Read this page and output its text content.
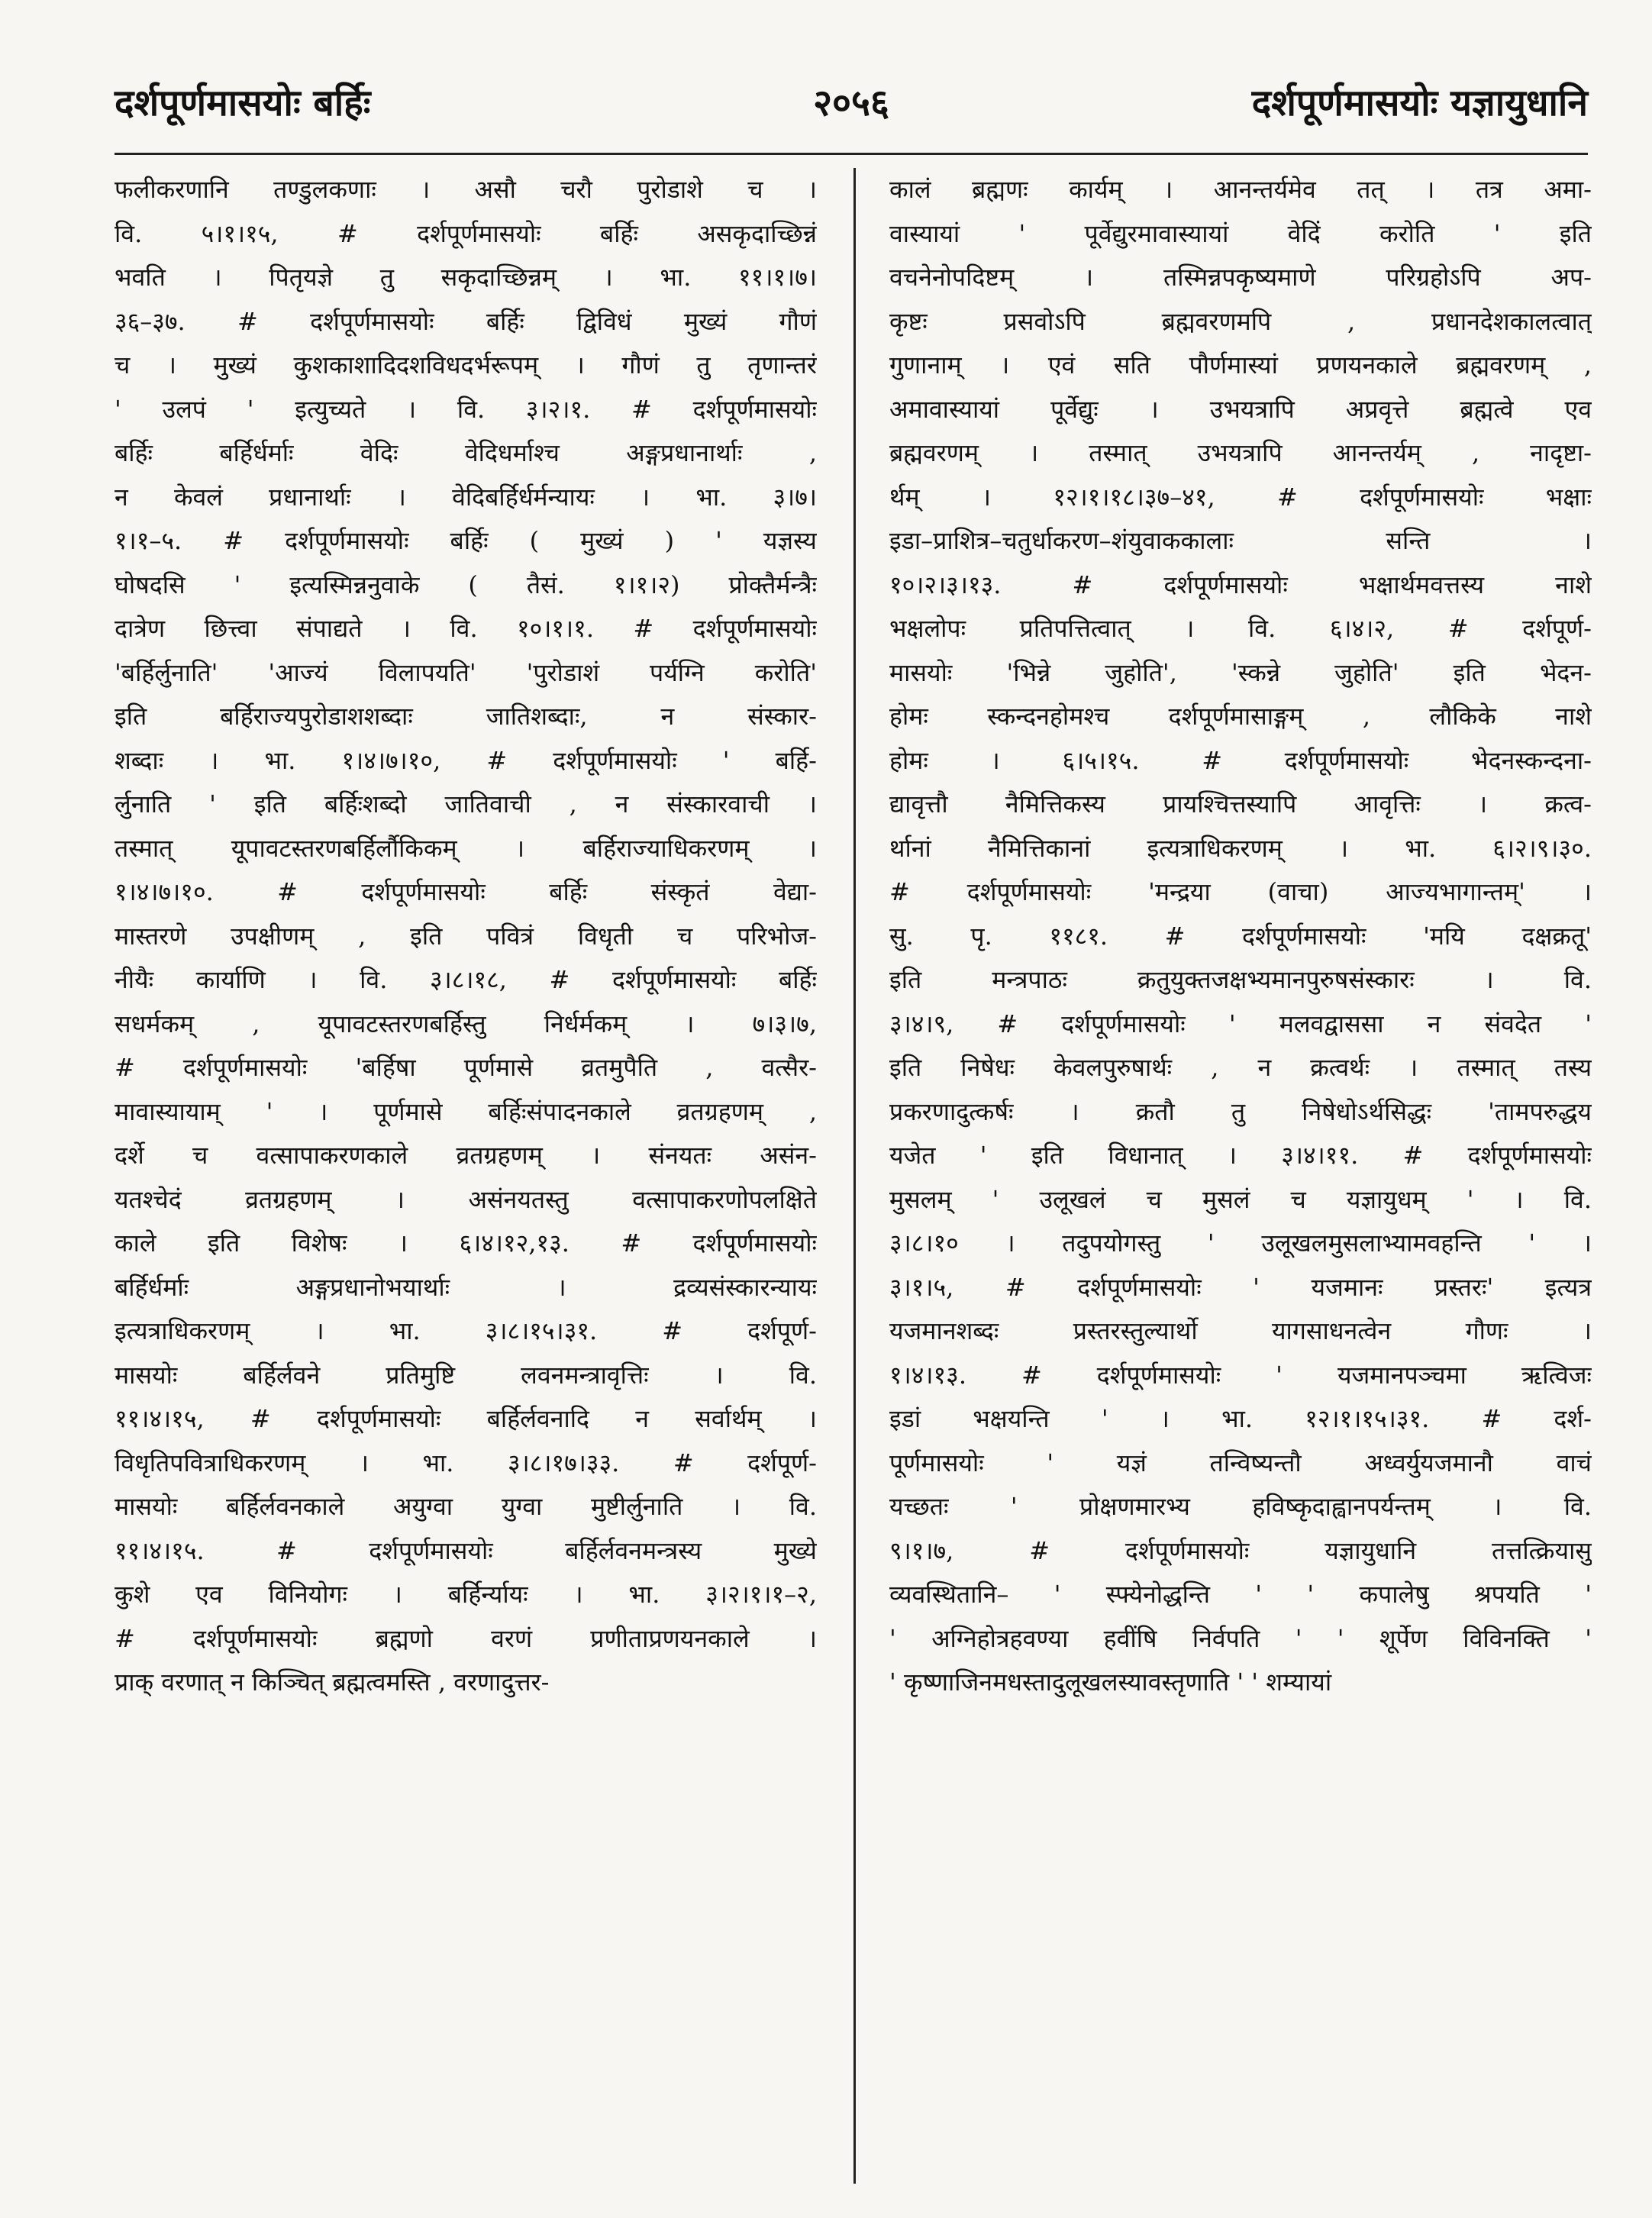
२०५६
दर्शपूर्णमासयोः बर्हिः	दर्शपूर्णमासयोः यज्ञायुधानि

फलीकरणानि तण्डुलकणाः । असौ चरौ पुरोडाशे च ।

वि. ५।१।१५, # दर्शपूर्णमासयोः बर्हिः असकृदाच्छिन्नं

भवति । पितृयज्ञे तु सकृदाच्छिन्नम् । भा. ११।१।७।

३६–३७. # दर्शपूर्णमासयोः बर्हिः द्विविधं मुख्यं गौणं

च । मुख्यं कुशकाशादिदशविधदर्भरूपम् । गौणं तु तृणान्तरं

' उलपं ' इत्युच्यते । वि. ३।२।१. # दर्शपूर्णमासयोः

बर्हिः बर्हिर्धर्माः वेदिः वेदिधर्माश्च अङ्गप्रधानार्थाः ,

न केवलं प्रधानार्थाः । वेदिबर्हिर्धर्मन्यायः । भा. ३।७।

१।१–५. # दर्शपूर्णमासयोः बर्हिः ( मुख्यं ) ' यज्ञस्य

घोषदसि ' इत्यस्मिन्ननुवाके ( तैसं. १।१।२) प्रोक्तैर्मन्त्रैः

दात्रेण छित्त्वा संपाद्यते । वि. १०।१।१. # दर्शपूर्णमासयोः

'बर्हिर्लुनाति' 'आज्यं विलापयति' 'पुरोडाशं पर्यग्नि करोति'

इति बर्हिराज्यपुरोडाशशब्दाः जातिशब्दाः, न संस्कार-

शब्दाः । भा. १।४।७।१०, # दर्शपूर्णमासयोः ' बर्हि-

र्लुनाति ' इति बर्हिःशब्दो जातिवाची , न संस्कारवाची ।

तस्मात् यूपावटस्तरणबर्हिर्लौकिकम् । बर्हिराज्याधिकरणम् ।

१।४।७।१०. # दर्शपूर्णमासयोः बर्हिः संस्कृतं वेद्या-

मास्तरणे उपक्षीणम् , इति पवित्रं विधृती च परिभोज-

नीयैः कार्याणि । वि. ३।८।१८, # दर्शपूर्णमासयोः बर्हिः

सधर्मकम् , यूपावटस्तरणबर्हिस्तु निर्धर्मकम् । ७।३।७,

# दर्शपूर्णमासयोः 'बर्हिषा पूर्णमासे व्रतमुपैति , वत्सैर-

मावास्यायाम् ' । पूर्णमासे बर्हिःसंपादनकाले व्रतग्रहणम् ,

दर्शे च वत्सापाकरणकाले व्रतग्रहणम् । संनयतः असंन-

यतश्चेदं व्रतग्रहणम् । असंनयतस्तु वत्सापाकरणोपलक्षिते

काले इति विशेषः । ६।४।१२,१३. # दर्शपूर्णमासयोः

बर्हिर्धर्माः अङ्गप्रधानोभयार्थाः । द्रव्यसंस्कारन्यायः

इत्यत्राधिकरणम् । भा. ३।८।१५।३१. # दर्शपूर्ण-

मासयोः बर्हिर्लवने प्रतिमुष्टि लवनमन्त्रावृत्तिः । वि.

११।४।१५, # दर्शपूर्णमासयोः बर्हिर्लवनादि न सर्वार्थम् ।

विधृतिपवित्राधिकरणम् । भा. ३।८।१७।३३. # दर्शपूर्ण-

मासयोः बर्हिर्लवनकाले अयुग्वा युग्वा मुष्टीर्लुनाति । वि.

११।४।१५. # दर्शपूर्णमासयोः बर्हिर्लवनमन्त्रस्य मुख्ये

कुशे एव विनियोगः । बर्हिर्न्यायः । भा. ३।२।१।१–२,

# दर्शपूर्णमासयोः ब्रह्मणो वरणं प्रणीताप्रणयनकाले ।

प्राक् वरणात् न किञ्चित् ब्रह्मत्वमस्ति , वरणादुत्तर-

कालं ब्रह्मणः कार्यम् । आनन्तर्यमेव तत् । तत्र अमा-

वास्यायां ' पूर्वेद्युरमावास्यायां वेदिं करोति ' इति

वचनेनोपदिष्टम् । तस्मिन्नपकृष्यमाणे परिग्रहोऽपि अप-

कृष्टः प्रसवोऽपि ब्रह्मवरणमपि , प्रधानदेशकालत्वात्

गुणानाम् । एवं सति पौर्णमास्यां प्रणयनकाले ब्रह्मवरणम् ,

अमावास्यायां पूर्वेद्युः । उभयत्रापि अप्रवृत्ते ब्रह्मत्वे एव

ब्रह्मवरणम् । तस्मात् उभयत्रापि आनन्तर्यम् , नादृष्टा-

र्थम् । १२।१।१८।३७–४१, # दर्शपूर्णमासयोः भक्षाः

इडा–प्राशित्र–चतुर्धाकरण–शंयुवाककालाः सन्ति ।

१०।२।३।१३. # दर्शपूर्णमासयोः भक्षार्थमवत्तस्य नाशे

भक्षलोपः प्रतिपत्तित्वात् । वि. ६।४।२, # दर्शपूर्ण-

मासयोः 'भिन्ने जुहोति', 'स्कन्ने जुहोति' इति भेदन-

होमः स्कन्दनहोमश्च दर्शपूर्णमासाङ्गम् , लौकिके नाशे

होमः । ६।५।१५. # दर्शपूर्णमासयोः भेदनस्कन्दना-

द्यावृत्तौ नैमित्तिकस्य प्रायश्चित्तस्यापि आवृत्तिः । क्रत्व-

र्थानां नैमित्तिकानां इत्यत्राधिकरणम् । भा. ६।२।९।३०.

# दर्शपूर्णमासयोः 'मन्द्रया (वाचा) आज्यभागान्तम्' ।

सु. पृ. ११८१. # दर्शपूर्णमासयोः 'मयि दक्षक्रतू'

इति मन्त्रपाठः क्रतुयुक्तजक्षभ्यमानपुरुषसंस्कारः । वि.

३।४।९, # दर्शपूर्णमासयोः ' मलवद्वाससा न संवदेत '

इति निषेधः केवलपुरुषार्थः , न क्रत्वर्थः । तस्मात् तस्य

प्रकरणादुत्कर्षः । क्रतौ तु निषेधोऽर्थसिद्धः 'तामपरुद्धय

यजेत ' इति विधानात् । ३।४।११. # दर्शपूर्णमासयोः

मुसलम् ' उलूखलं च मुसलं च यज्ञायुधम् ' । वि.

३।८।१० । तदुपयोगस्तु ' उलूखलमुसलाभ्यामवहन्ति ' ।

३।१।५, # दर्शपूर्णमासयोः ' यजमानः प्रस्तरः' इत्यत्र

यजमानशब्दः प्रस्तरस्तुल्यार्थो यागसाधनत्वेन गौणः ।

१।४।१३. # दर्शपूर्णमासयोः ' यजमानपञ्चमा ऋत्विजः

इडां भक्षयन्ति ' । भा. १२।१।१५।३१. # दर्श-

पूर्णमासयोः ' यज्ञं तन्विष्यन्तौ अध्वर्युयजमानौ वाचं

यच्छतः ' प्रोक्षणमारभ्य हविष्कृदाह्वानपर्यन्तम् । वि.

९।१।७, # दर्शपूर्णमासयोः यज्ञायुधानि तत्तत्क्रियासु

व्यवस्थितानि– ' स्फ्येनोद्धन्ति ' ' कपालेषु श्रपयति '

' अग्निहोत्रहवण्या हवींषि निर्वपति ' ' शूर्पेण विविनक्ति '

' कृष्णाजिनमधस्तादुलूखलस्यावस्तृणाति ' ' शम्यायां
